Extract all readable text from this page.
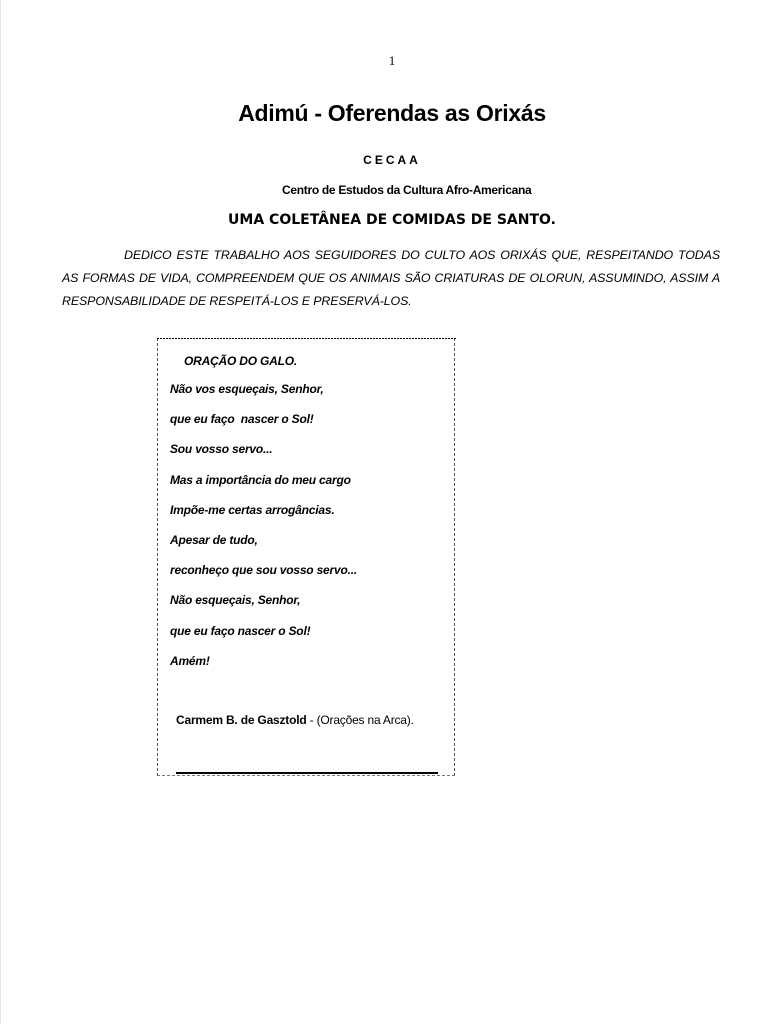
1
Adimú - Oferendas as Orixás
CECAA
Centro de Estudos da Cultura Afro-Americana
UMA COLETÂNEA DE COMIDAS DE SANTO.

DEDICO ESTE TRABALHO AOS SEGUIDORES DO CULTO AOS ORIXÁS QUE, RESPEITANDO TODAS AS FORMAS DE VIDA, COMPREENDEM QUE OS ANIMAIS SÃO CRIATURAS DE OLORUN, ASSUMINDO, ASSIM A RESPONSABILIDADE DE RESPEITÁ-LOS E PRESERVÁ-LOS.

ORAÇÃO DO GALO.
Não vos esqueçais, Senhor,
que eu faço  nascer o Sol!
Sou vosso servo...
Mas a importância do meu cargo
Impõe-me certas arrogâncias.
Apesar de tudo,
reconheço que sou vosso servo...
Não esqueçais, Senhor,
que eu faço nascer o Sol!
Amém!
Carmem B. de Gasztold - (Orações na Arca).
